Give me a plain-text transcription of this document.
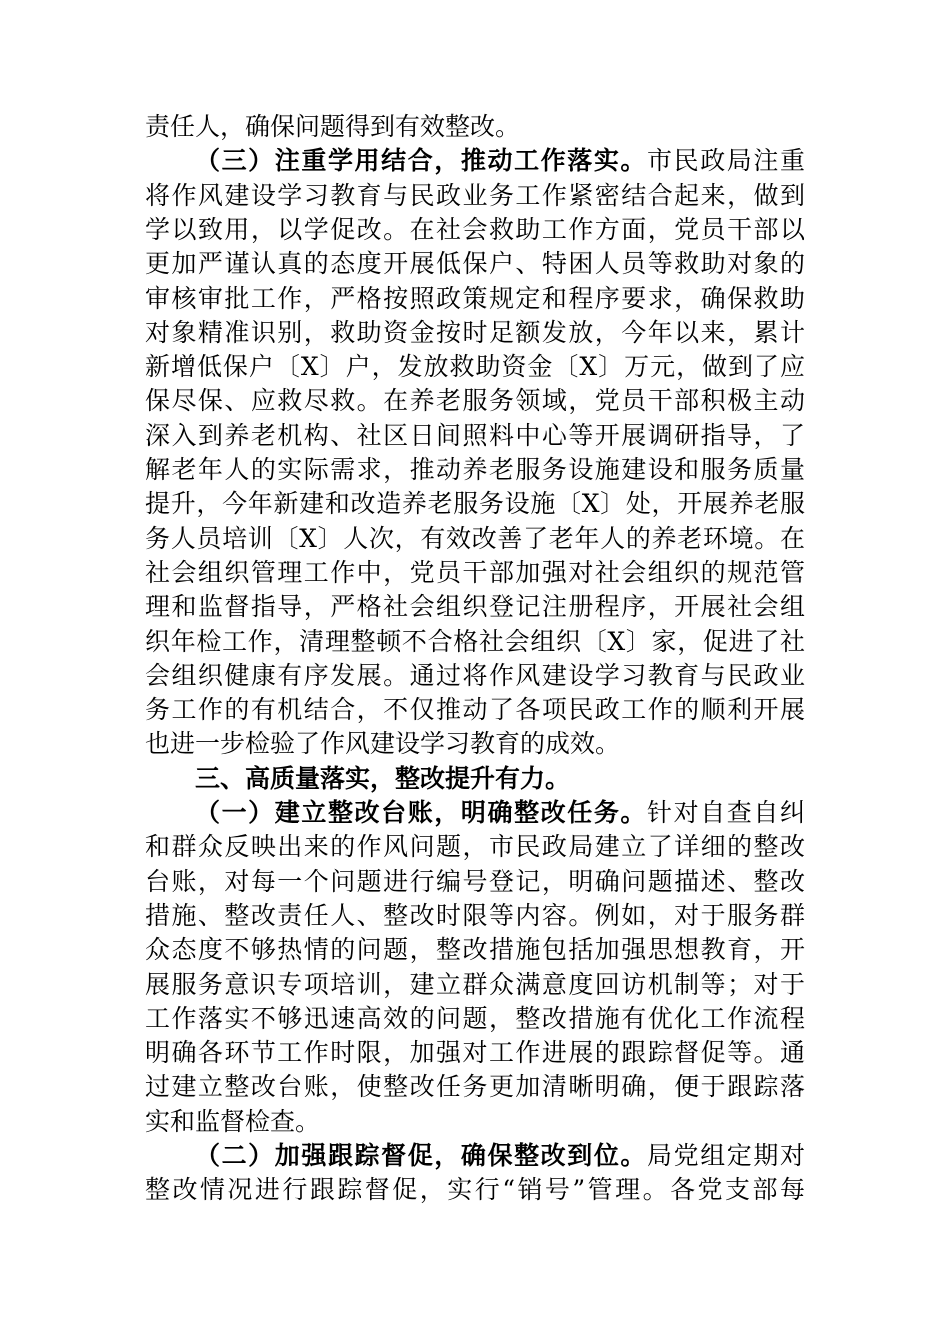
责任人，确保问题得到有效整改。
（三）注重学用结合，推动工作落实。市民政局注重
将作风建设学习教育与民政业务工作紧密结合起来，做到
学以致用，以学促改。在社会救助工作方面，党员干部以
更加严谨认真的态度开展低保户、特困人员等救助对象的
审核审批工作，严格按照政策规定和程序要求，确保救助
对象精准识别，救助资金按时足额发放，今年以来，累计
新增低保户〔X〕户，发放救助资金〔X〕万元，做到了应
保尽保、应救尽救。在养老服务领域，党员干部积极主动
深入到养老机构、社区日间照料中心等开展调研指导，了
解老年人的实际需求，推动养老服务设施建设和服务质量
提升，今年新建和改造养老服务设施〔X〕处，开展养老服
务人员培训〔X〕人次，有效改善了老年人的养老环境。在
社会组织管理工作中，党员干部加强对社会组织的规范管
理和监督指导，严格社会组织登记注册程序，开展社会组
织年检工作，清理整顿不合格社会组织〔X〕家，促进了社
会组织健康有序发展。通过将作风建设学习教育与民政业
务工作的有机结合，不仅推动了各项民政工作的顺利开展
也进一步检验了作风建设学习教育的成效。
三、高质量落实，整改提升有力。
（一）建立整改台账，明确整改任务。针对自查自纠
和群众反映出来的作风问题，市民政局建立了详细的整改
台账，对每一个问题进行编号登记，明确问题描述、整改
措施、整改责任人、整改时限等内容。例如，对于服务群
众态度不够热情的问题，整改措施包括加强思想教育，开
展服务意识专项培训，建立群众满意度回访机制等；对于
工作落实不够迅速高效的问题，整改措施有优化工作流程
明确各环节工作时限，加强对工作进展的跟踪督促等。通
过建立整改台账，使整改任务更加清晰明确，便于跟踪落
实和监督检查。
（二）加强跟踪督促，确保整改到位。局党组定期对
整改情况进行跟踪督促，实行“销号”管理。各党支部每
